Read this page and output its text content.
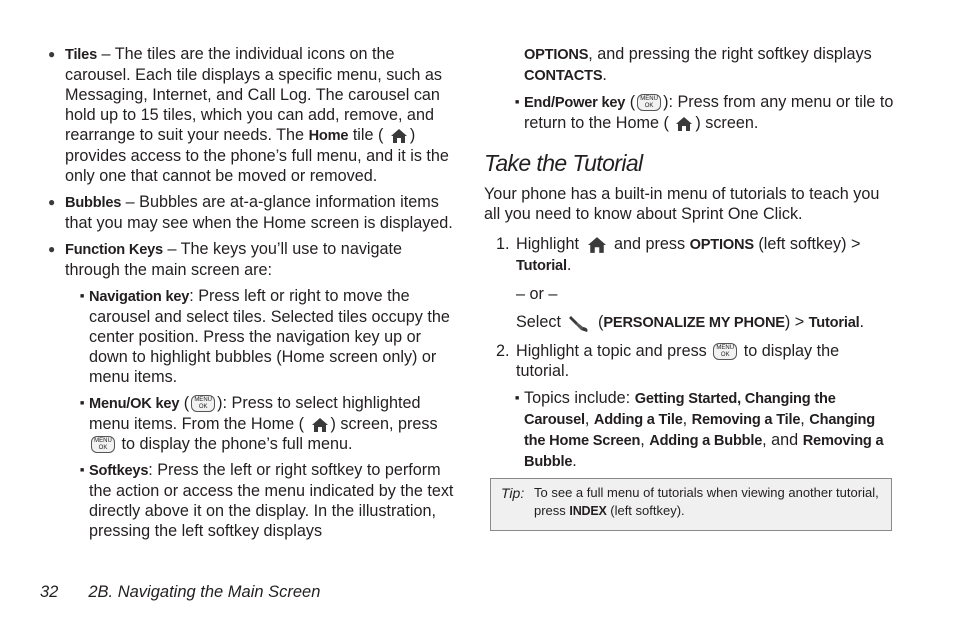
● Tiles – The tiles are the individual icons on the carousel. Each tile displays a specific menu, such as Messaging, Internet, and Call Log. The carousel can hold up to 15 tiles, which you can add, remove, and rearrange to suit your needs. The Home tile ( ) provides access to the phone’s full menu, and it is the only one that cannot be moved or removed.
● Bubbles – Bubbles are at-a-glance information items that you may see when the Home screen is displayed.
● Function Keys – The keys you’ll use to navigate through the main screen are:
■ Navigation key: Press left or right to move the carousel and select tiles. Selected tiles occupy the center position. Press the navigation key up or down to highlight bubbles (Home screen only) or menu items.
■ Menu/OK key ( MENU
OK ): Press to select highlighted menu items. From the Home ( ) screen, press
MENU
OK to display the phone’s full menu.
■ Softkeys: Press the left or right softkey to perform the action or access the menu indicated by the text directly above it on the display. In the illustration, pressing the left softkey displays
OPTIONS, and pressing the right softkey displays CONTACTS.
■ End/Power key ( MENU
OK ): Press from any menu or tile to return to the Home ( ) screen.
Take the Tutorial
Your phone has a built-in menu of tutorials to teach you all you need to know about Sprint One Click.
1. Highlight and press OPTIONS (left softkey) > Tutorial.
– or –
Select (PERSONALIZE MY PHONE) > Tutorial.
2. Highlight a topic and press	MENU
OK to display the tutorial.
■ Topics include: Getting Started, Changing the Carousel, Adding a Tile, Removing a Tile, Changing the Home Screen, Adding a Bubble, and Removing a Bubble.
Tip: To see a full menu of tutorials when viewing another tutorial, press INDEX (left softkey).
32 2B. Navigating the Main Screen
